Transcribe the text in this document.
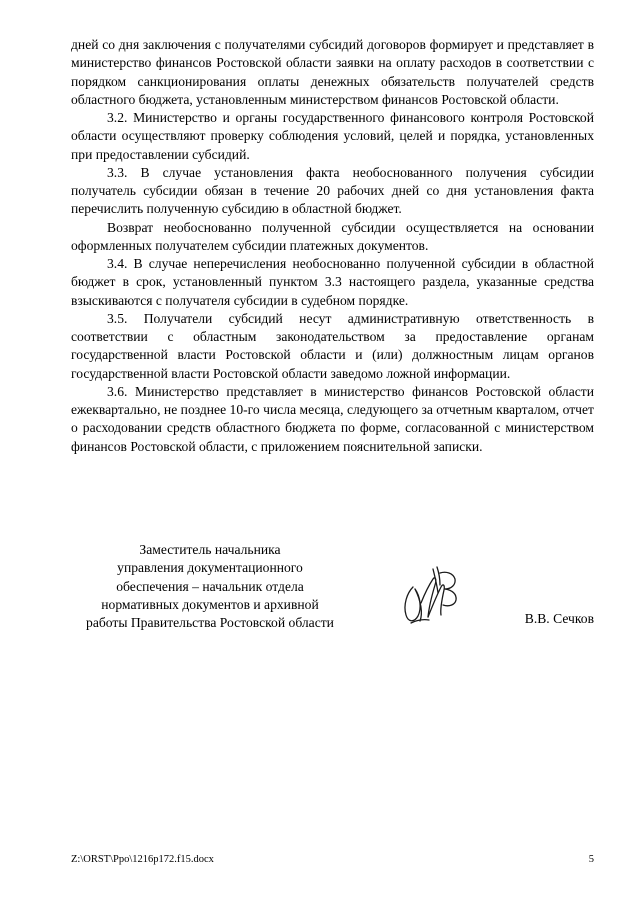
дней со дня заключения с получателями субсидий договоров формирует и представляет в министерство финансов Ростовской области заявки на оплату расходов в соответствии с порядком санкционирования оплаты денежных обязательств получателей средств областного бюджета, установленным министерством финансов Ростовской области.

3.2. Министерство и органы государственного финансового контроля Ростовской области осуществляют проверку соблюдения условий, целей и порядка, установленных при предоставлении субсидий.

3.3. В случае установления факта необоснованного получения субсидии получатель субсидии обязан в течение 20 рабочих дней со дня установления факта перечислить полученную субсидию в областной бюджет.

Возврат необоснованно полученной субсидии осуществляется на основании оформленных получателем субсидии платежных документов.

3.4. В случае неперечисления необоснованно полученной субсидии в областной бюджет в срок, установленный пунктом 3.3 настоящего раздела, указанные средства взыскиваются с получателя субсидии в судебном порядке.

3.5. Получатели субсидий несут административную ответственность в соответствии с областным законодательством за предоставление органам государственной власти Ростовской области и (или) должностным лицам органов государственной власти Ростовской области заведомо ложной информации.

3.6. Министерство представляет в министерство финансов Ростовской области ежеквартально, не позднее 10-го числа месяца, следующего за отчетным кварталом, отчет о расходовании средств областного бюджета по форме, согласованной с министерством финансов Ростовской области, с приложением пояснительной записки.

Заместитель начальника
управления документационного
обеспечения – начальник отдела
нормативных документов и архивной
работы Правительства Ростовской области	В.В. Сечков
Z:\ORST\Ppo\1216p172.f15.docx	5
